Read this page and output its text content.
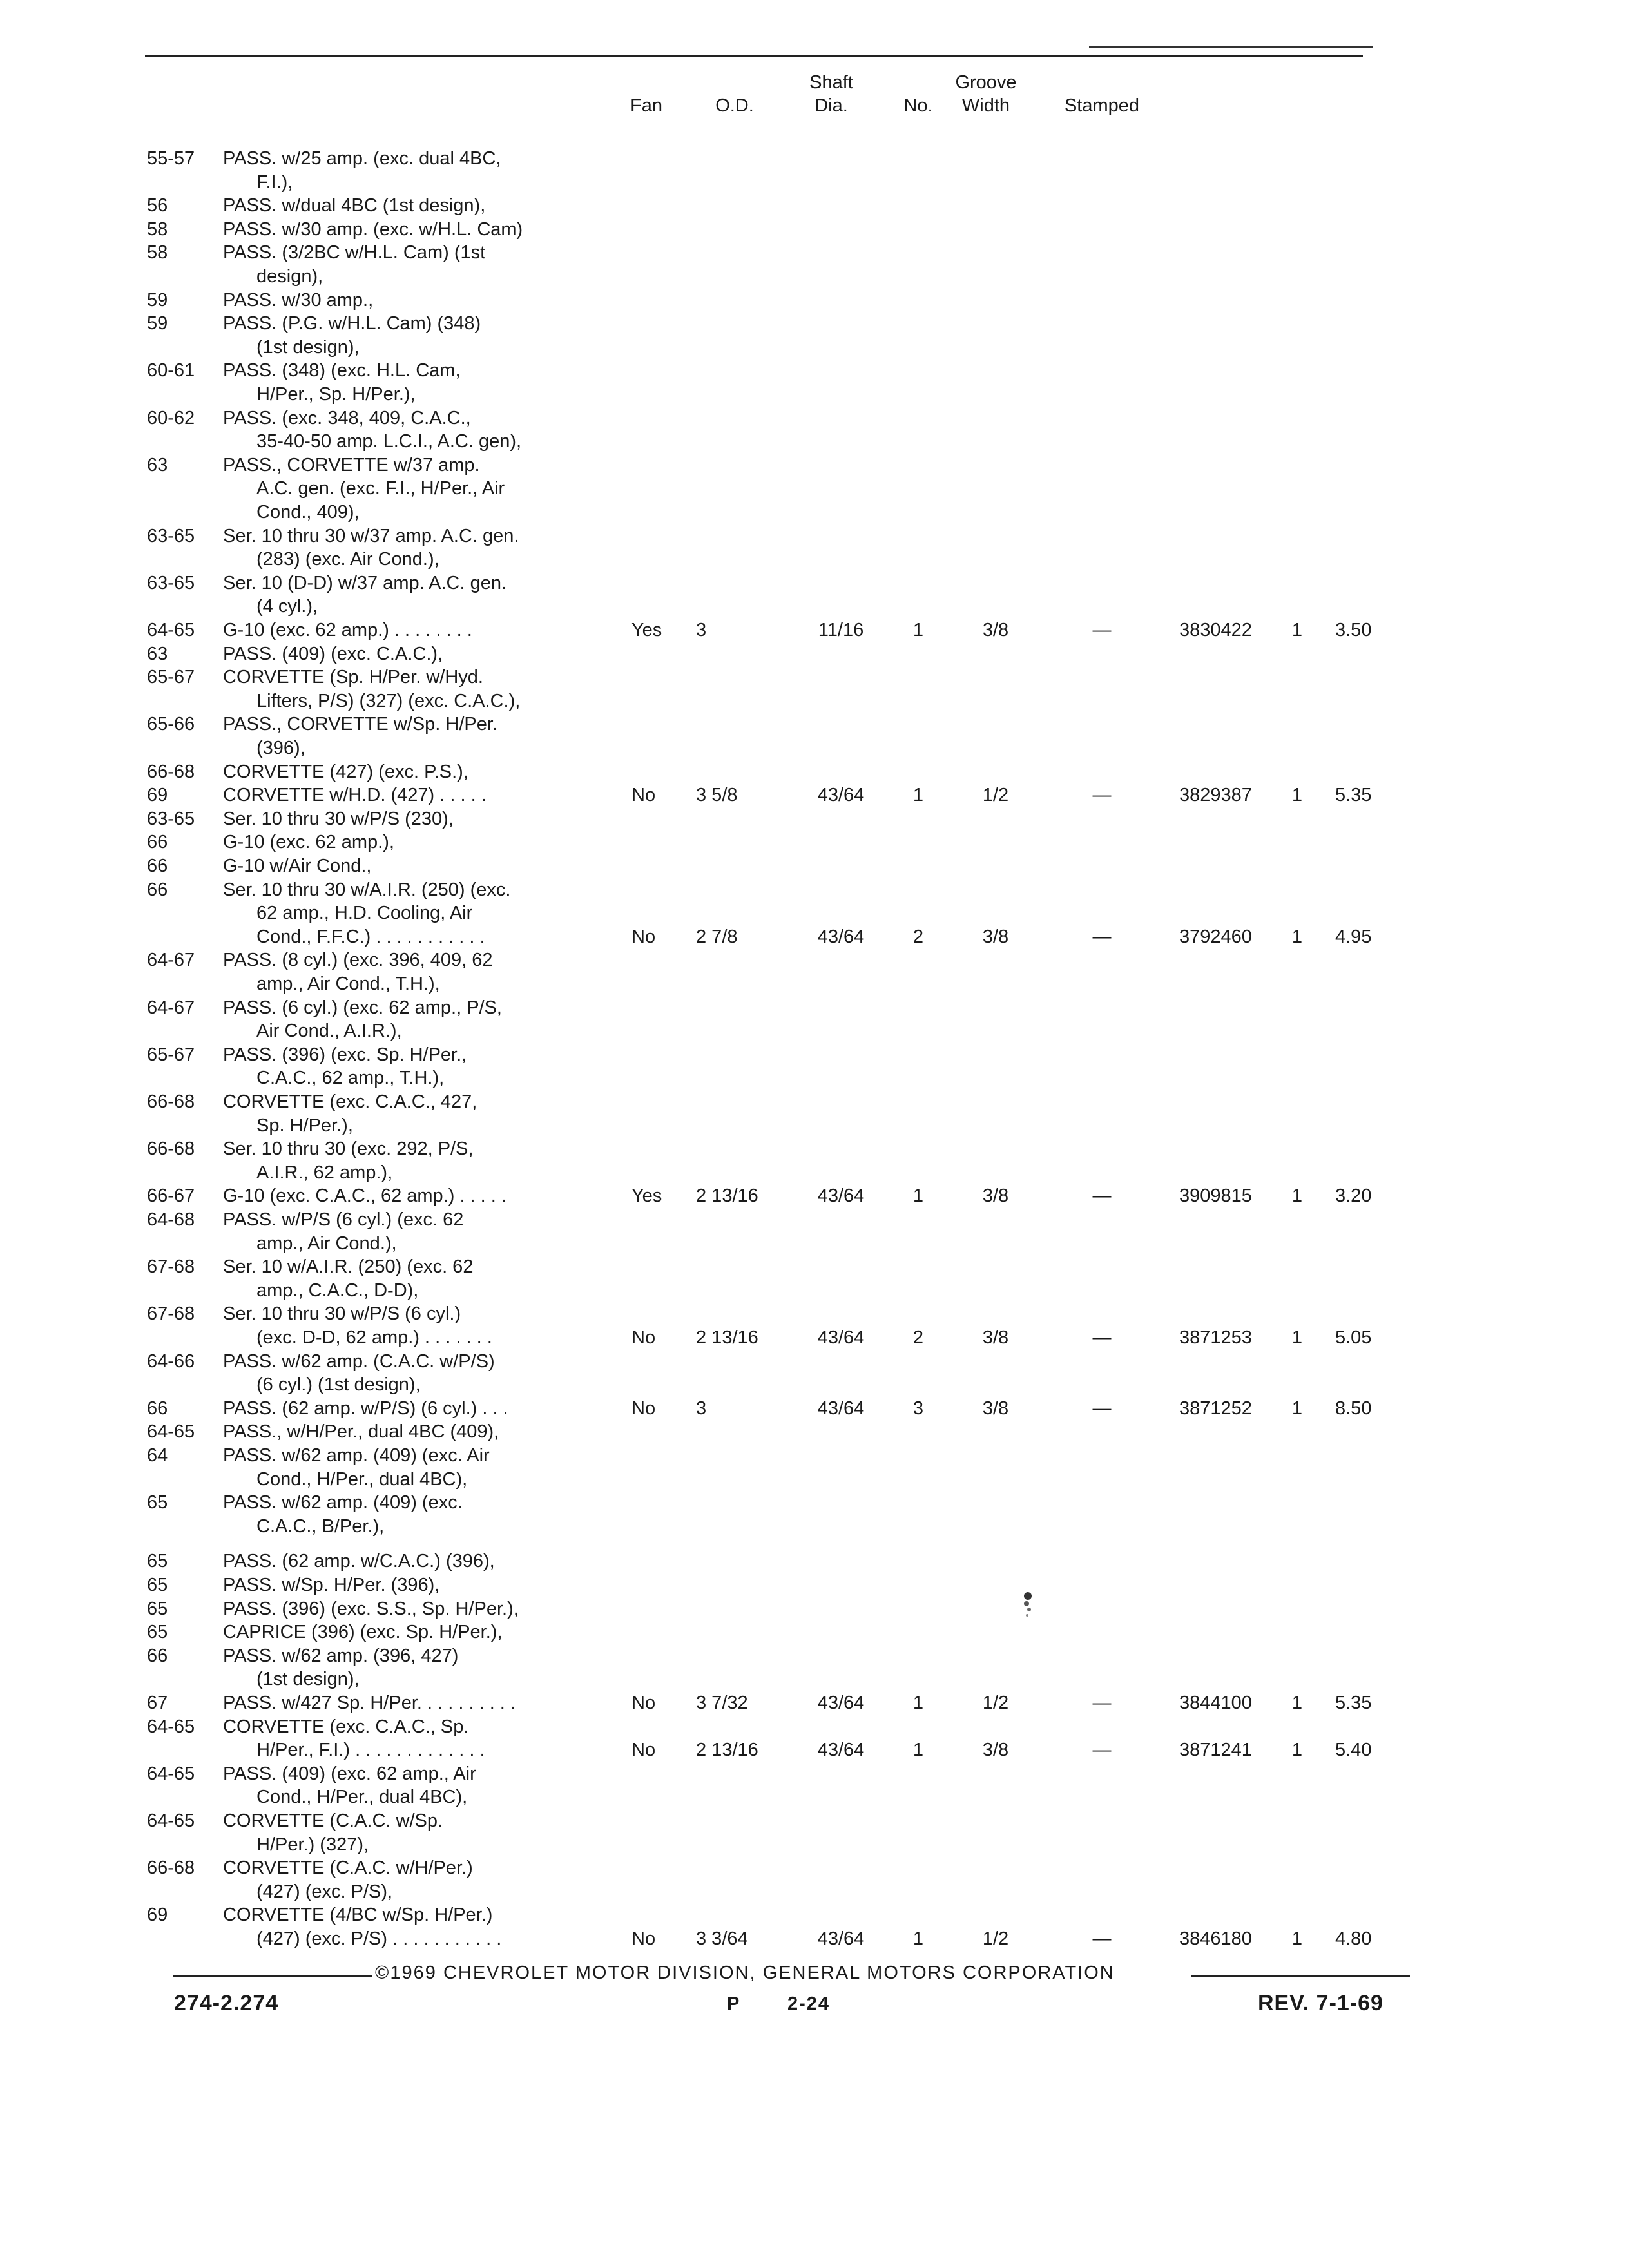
Fan	O.D.
Shaft
Dia.	No.
Groove
Width	Stamped
55-57 PASS. w/25 amp. (exc. dual 4BC,
F.I.),
56	PASS. w/dual 4BC (1st design),
58	PASS. w/30 amp. (exc. w/H.L. Cam)
58	PASS. (3/2BC w/H.L. Cam) (1st
design),
59	PASS. w/30 amp.,
59	PASS. (P.G. w/H.L. Cam) (348)
(1st design),
60-61 PASS. (348) (exc. H.L. Cam,
H/Per., Sp. H/Per.),
60-62 PASS. (exc. 348, 409, C.A.C.,
35-40-50 amp. L.C.I., A.C. gen),
63	PASS., CORVETTE w/37 amp.
A.C. gen. (exc. F.I., H/Per., Air
Cond., 409),
63-65 Ser. 10 thru 30 w/37 amp. A.C. gen.
(283) (exc. Air Cond.),
63-65 Ser. 10 (D-D) w/37 amp. A.C. gen.
(4 cyl.),
64-65 G-10 (exc. 62 amp.) . . . . . . . .	Yes	3	11/16	1	3/8	—	3830422 1 3.50
63	PASS. (409) (exc. C.A.C.),
65-67 CORVETTE (Sp. H/Per. w/Hyd.
Lifters, P/S) (327) (exc. C.A.C.),
65-66 PASS., CORVETTE w/Sp. H/Per.
(396),
66-68 CORVETTE (427) (exc. P.S.),
69	CORVETTE w/H.D. (427) . . . . .	No	3 5/8	43/64	1	1/2	—	3829387 1 5.35
63-65 Ser. 10 thru 30 w/P/S (230),
66	G-10 (exc. 62 amp.),
66	G-10 w/Air Cond.,
66	Ser. 10 thru 30 w/A.I.R. (250) (exc.
62 amp., H.D. Cooling, Air
Cond., F.F.C.) . . . . . . . . . . .	No	2 7/8	43/64	2	3/8	—	3792460 1 4.95
64-67 PASS. (8 cyl.) (exc. 396, 409, 62
amp., Air Cond., T.H.),
64-67 PASS. (6 cyl.) (exc. 62 amp., P/S,
Air Cond., A.I.R.),
65-67 PASS. (396) (exc. Sp. H/Per.,
C.A.C., 62 amp., T.H.),
66-68 CORVETTE (exc. C.A.C., 427,
Sp. H/Per.),
66-68 Ser. 10 thru 30 (exc. 292, P/S,
A.I.R., 62 amp.),
66-67 G-10 (exc. C.A.C., 62 amp.) . . . . .	Yes	2 13/16	43/64	1	3/8	—	3909815 1 3.20
64-68 PASS. w/P/S (6 cyl.) (exc. 62
amp., Air Cond.),
67-68 Ser. 10 w/A.I.R. (250) (exc. 62
amp., C.A.C., D-D),
67-68 Ser. 10 thru 30 w/P/S (6 cyl.)
(exc. D-D, 62 amp.) . . . . . . .	No	2 13/16	43/64	2	3/8	—	3871253 1 5.05
64-66 PASS. w/62 amp. (C.A.C. w/P/S)
(6 cyl.) (1st design),
66	PASS. (62 amp. w/P/S) (6 cyl.) . . .	No	3	43/64	3	3/8	—	3871252 1 8.50
64-65 PASS., w/H/Per., dual 4BC (409),
64	PASS. w/62 amp. (409) (exc. Air
Cond., H/Per., dual 4BC),
65	PASS. w/62 amp. (409) (exc.
C.A.C., B/Per.),
65	PASS. (62 amp. w/C.A.C.) (396),
65	PASS. w/Sp. H/Per. (396),
65	PASS. (396) (exc. S.S., Sp. H/Per.),
65	CAPRICE (396) (exc. Sp. H/Per.),
66	PASS. w/62 amp. (396, 427)
(1st design),
67	PASS. w/427 Sp. H/Per. . . . . . . . . .	No	3 7/32	43/64	1	1/2	—	3844100 1 5.35
64-65 CORVETTE (exc. C.A.C., Sp.
H/Per., F.I.) . . . . . . . . . . . . .	No	2 13/16	43/64	1	3/8	—	3871241 1 5.40
64-65 PASS. (409) (exc. 62 amp., Air
Cond., H/Per., dual 4BC),
64-65 CORVETTE (C.A.C. w/Sp.
H/Per.) (327),
66-68 CORVETTE (C.A.C. w/H/Per.)
(427) (exc. P/S),
69	CORVETTE (4/BC w/Sp. H/Per.)
(427) (exc. P/S) . . . . . . . . . . .	No	3 3/64	43/64	1	1/2	—	3846180 1 4.80
©1969 CHEVROLET MOTOR DIVISION, GENERAL MOTORS CORPORATION
274-2.274	P	2-24	REV. 7-1-69
